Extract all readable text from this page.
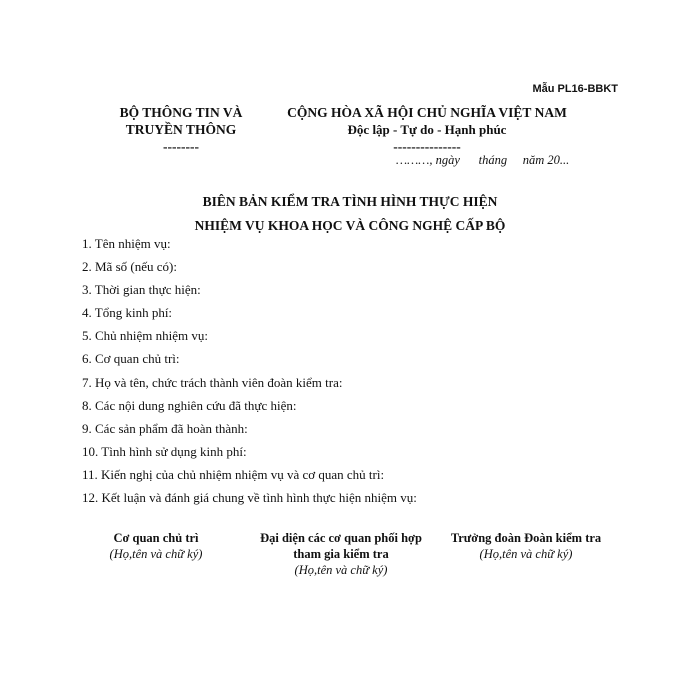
Mẫu PL16-BBKT
BỘ THÔNG TIN VÀ
TRUYỀN THÔNG
--------
CỘNG HÒA XÃ HỘI CHỦ NGHĨA VIỆT NAM
Độc lập - Tự do - Hạnh phúc
---------------
………, ngày      tháng     năm 20...
BIÊN BẢN KIỂM TRA TÌNH HÌNH THỰC HIỆN
NHIỆM VỤ KHOA HỌC VÀ CÔNG NGHỆ CẤP BỘ
1. Tên nhiệm vụ:
2. Mã số (nếu có):
3. Thời gian thực hiện:
4. Tổng kinh phí:
5. Chủ nhiệm nhiệm vụ:
6. Cơ quan chủ trì:
7. Họ và tên, chức trách thành viên đoàn kiểm tra:
8. Các nội dung nghiên cứu đã thực hiện:
9. Các sản phẩm đã hoàn thành:
10. Tình hình sử dụng kinh phí:
11. Kiến nghị của chủ nhiệm nhiệm vụ và cơ quan chủ trì:
12. Kết luận và đánh giá chung về tình hình thực hiện nhiệm vụ:
Cơ quan chủ trì
(Họ,tên và chữ ký)
Đại diện các cơ quan phối hợp tham gia kiểm tra
(Họ,tên và chữ ký)
Trưởng đoàn Đoàn kiểm tra
(Họ,tên và chữ ký)
